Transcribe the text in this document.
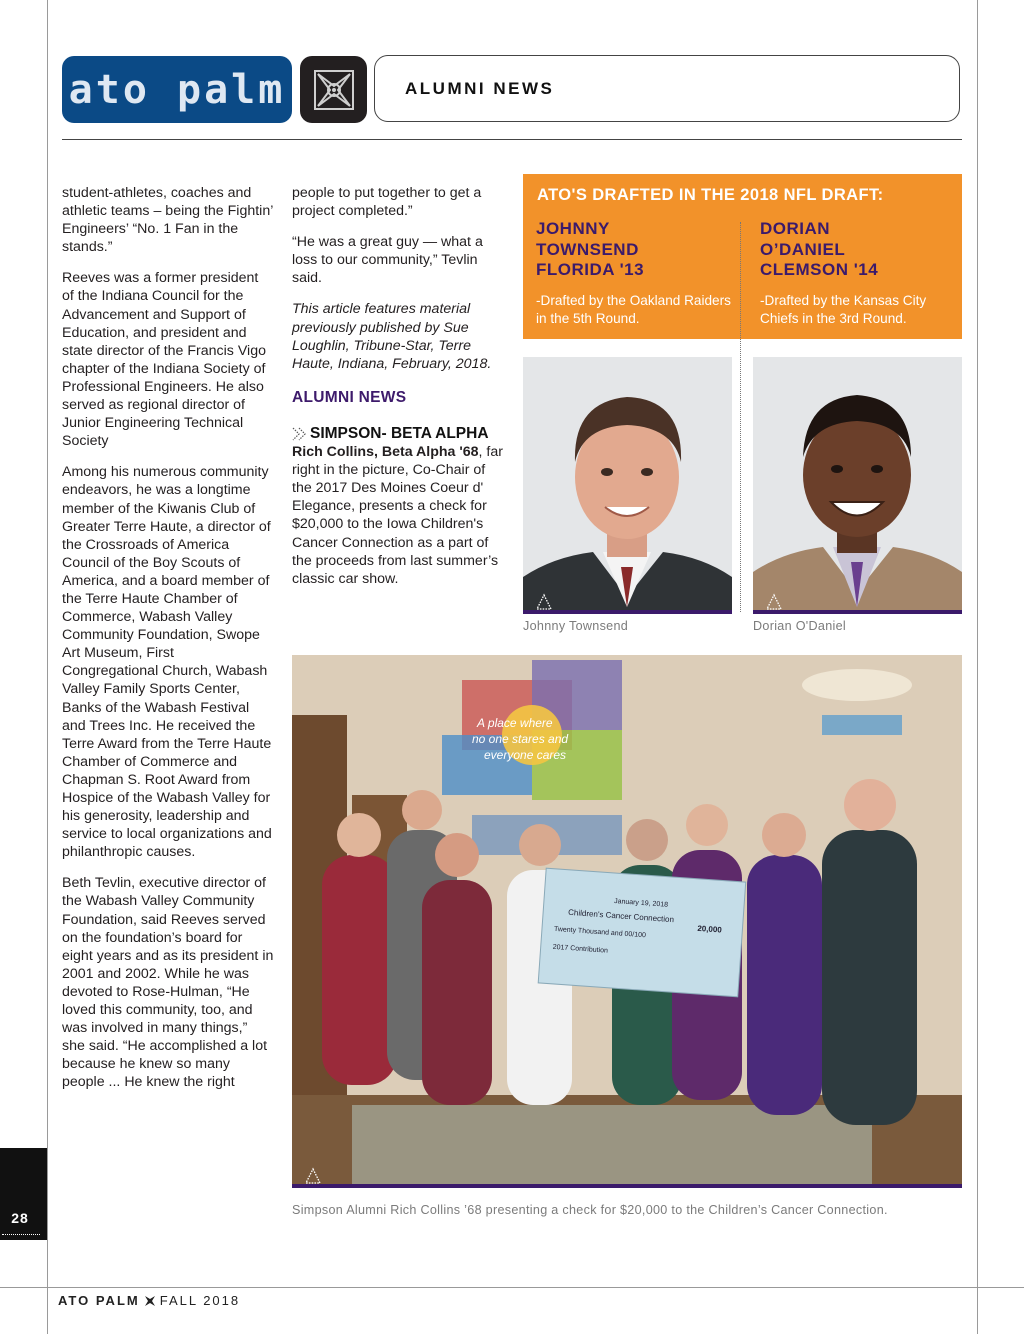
ato palm	ALUMNI NEWS

student-athletes, coaches and athletic teams – being the Fightin’ Engineers’ “No. 1 Fan in the stands.”

Reeves was a former president of the Indiana Council for the Advancement and Support of Education, and president and state director of the Francis Vigo chapter of the Indiana Society of Professional Engineers. He also served as regional director of Junior Engineering Technical Society

Among his numerous community endeavors, he was a longtime member of the Kiwanis Club of Greater Terre Haute, a director of the Crossroads of America Council of the Boy Scouts of America, and a board member of the Terre Haute Chamber of Commerce, Wabash Valley Community Foundation, Swope Art Museum, First Congregational Church, Wabash Valley Family Sports Center, Banks of the Wabash Festival and Trees Inc. He received the Terre Award from the Terre Haute Chamber of Commerce and Chapman S. Root Award from Hospice of the Wabash Valley for his generosity, leadership and service to local organizations and philanthropic causes.

Beth Tevlin, executive director of the Wabash Valley Community Foundation, said Reeves served on the foundation’s board for eight years and as its president in 2001 and 2002. While he was devoted to Rose-Hulman, “He loved this community, too, and was involved in many things,” she said. “He accomplished a lot because he knew so many people ... He knew the right

people to put together to get a project completed.”

“He was a great guy — what a loss to our community,” Tevlin said.

This article features material previously published by Sue Loughlin, Tribune-Star, Terre Haute, Indiana, February, 2018.

ALUMNI NEWS

SIMPSON- BETA ALPHA

Rich Collins, Beta Alpha '68, far right in the picture, Co-Chair of the 2017 Des Moines Coeur d' Elegance, presents a check for $20,000 to the Iowa Children's Cancer Connection as a part of the proceeds from last summer’s classic car show.

ATO'S DRAFTED IN THE 2018 NFL DRAFT:
JOHNNY
TOWNSEND
FLORIDA '13
-Drafted by the Oakland Raiders
in the 5th Round.
DORIAN
O’DANIEL
CLEMSON '14
-Drafted by the Kansas City
Chiefs in the 3rd Round.
Johnny Townsend	Dorian O'Daniel
A place where
no one stares and
everyone cares
January 19, 2018
Children's Cancer Connection
20,000
Twenty Thousand and 00/100
2017 Contribution
Simpson Alumni Rich Collins ’68 presenting a check for $20,000 to the Children’s Cancer Connection.
28
ATO PALM FALL 2018
